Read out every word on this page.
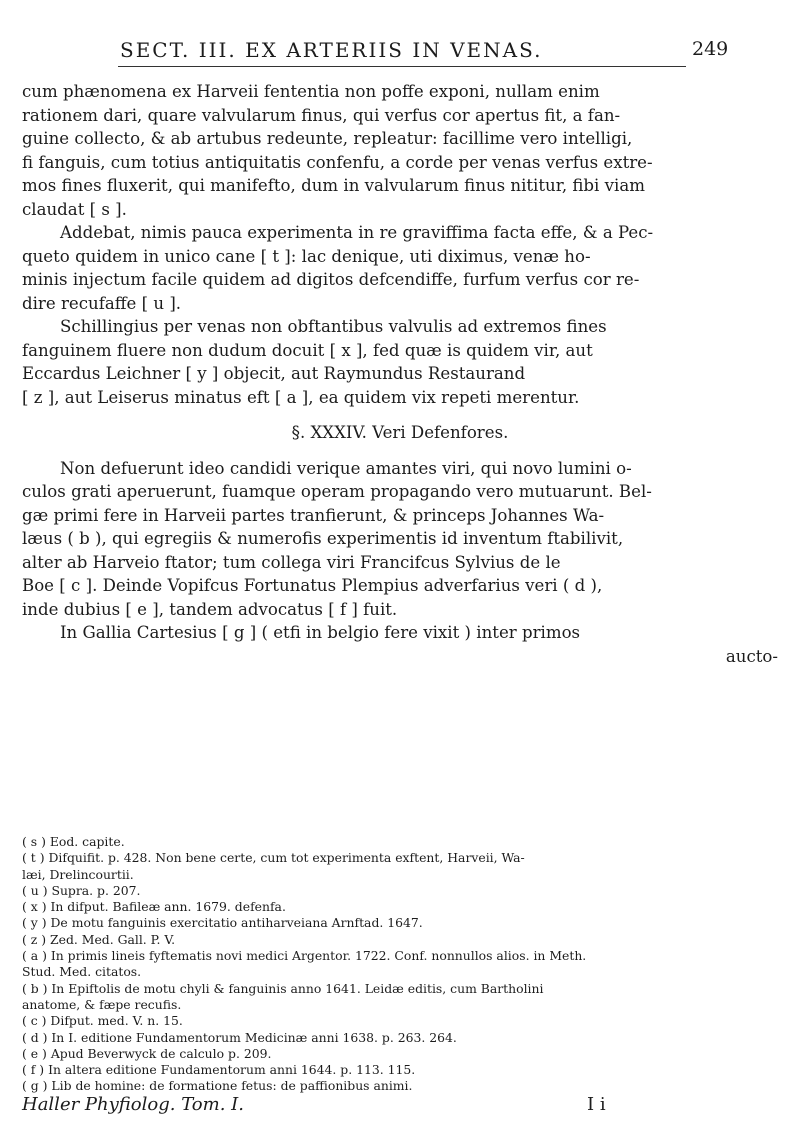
SECT. III. EX ARTERIIS IN VENAS.	249

cum phænomena ex Harveii fententia non poffe exponi, nullam enim

rationem dari, quare valvularum finus, qui verfus cor apertus fit, a fan-

guine collecto, & ab artubus redeunte, repleatur: facillime vero intelligi,

fi fanguis, cum totius antiquitatis confenfu, a corde per venas verfus extre-

mos fines fluxerit, qui manifefto, dum in valvularum finus nititur, fibi viam

claudat [ s ].

Addebat, nimis pauca experimenta in re graviffima facta effe, & a Pec-

queto quidem in unico cane [ t ]: lac denique, uti diximus, venæ ho-

minis injectum facile quidem ad digitos defcendiffe, furfum verfus cor re-

dire recufaffe [ u ].

Schillingius per venas non obftantibus valvulis ad extremos fines

fanguinem fluere non dudum docuit [ x ], fed quæ is quidem vir, aut

Eccardus Leichner [ y ] objecit, aut Raymundus Restaurand

[ z ], aut Leiserus minatus eft [ a ], ea quidem vix repeti merentur.

§. XXXIV. Veri Defenfores.

Non defuerunt ideo candidi verique amantes viri, qui novo lumini o-

culos grati aperuerunt, fuamque operam propagando vero mutuarunt. Bel-

gæ primi fere in Harveii partes tranfierunt, & princeps Johannes Wa-

læus ( b ), qui egregiis & numerofis experimentis id inventum ftabilivit,

alter ab Harveio ftator; tum collega viri Francifcus Sylvius de le

Boe [ c ]. Deinde Vopifcus Fortunatus Plempius adverfarius veri ( d ),

inde dubius [ e ], tandem advocatus [ f ] fuit.

In Gallia Cartesius [ g ] ( etfi in belgio fere vixit ) inter primos

aucto-

( s ) Eod. capite.

( t ) Difquifit. p. 428. Non bene certe, cum tot experimenta exftent, Harveii, Wa-

læi, Drelincourtii.

( u ) Supra. p. 207.

( x ) In difput. Bafileæ ann. 1679. defenfa.

( y ) De motu fanguinis exercitatio antiharveiana Arnftad. 1647.

( z ) Zed. Med. Gall. P. V.

( a ) In primis lineis fyftematis novi medici Argentor. 1722. Conf. nonnullos alios. in Meth.

Stud. Med. citatos.

( b ) In Epiftolis de motu chyli & fanguinis anno 1641. Leidæ editis, cum Bartholini

anatome, & fæpe recufis.

( c ) Difput. med. V. n. 15.

( d ) In I. editione Fundamentorum Medicinæ anni 1638. p. 263. 264.

( e ) Apud Beverwyck de calculo p. 209.

( f ) In altera editione Fundamentorum anni 1644. p. 113. 115.

( g ) Lib de homine: de formatione fetus: de paffionibus animi.

Haller Phyfiolog. Tom. I.	I i
